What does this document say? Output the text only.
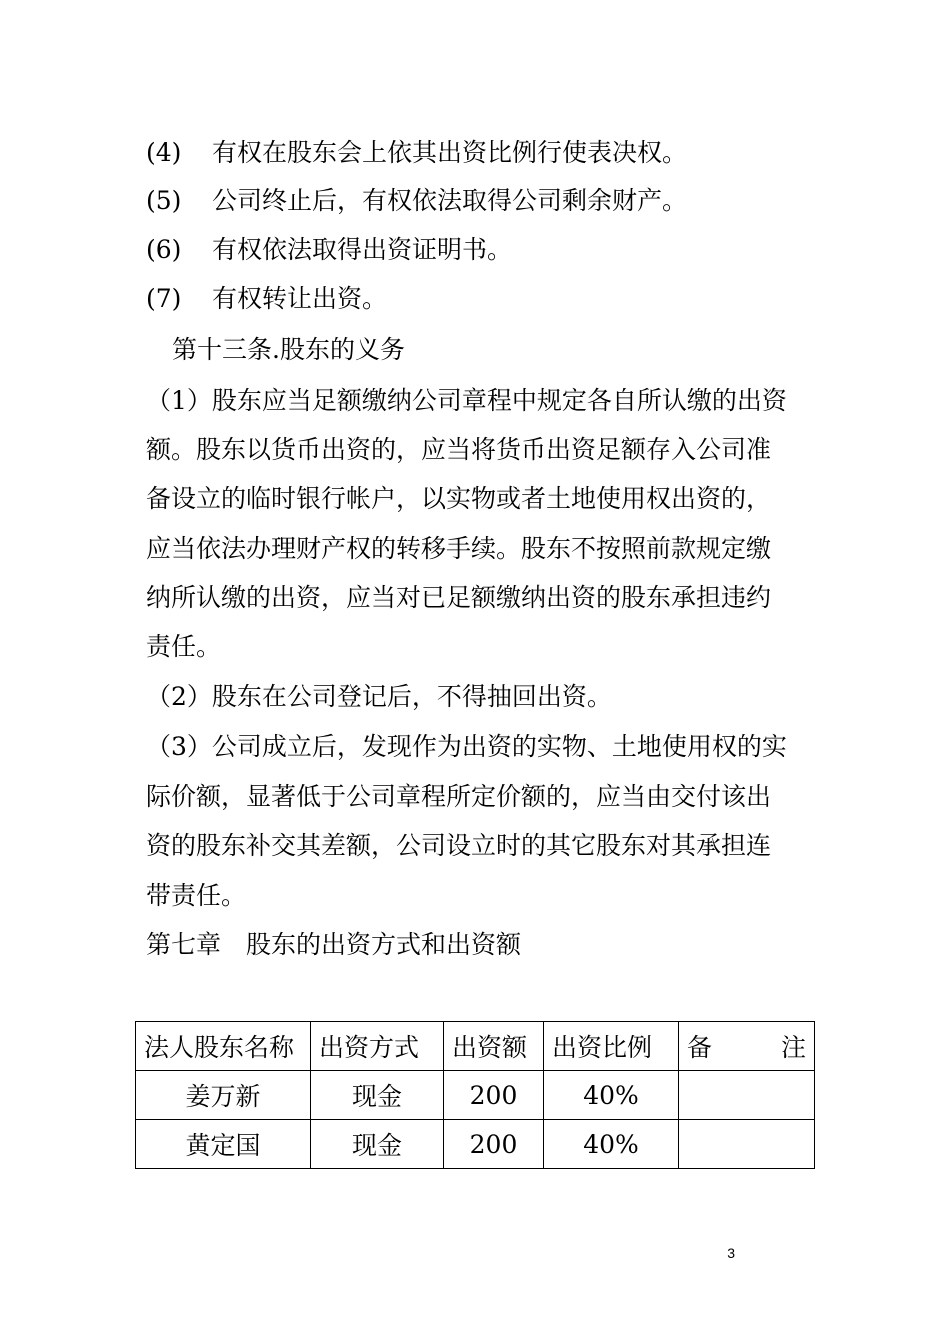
(4) 有权在股东会上依其出资比例行使表决权。
(5) 公司终止后，有权依法取得公司剩余财产。
(6) 有权依法取得出资证明书。
(7) 有权转让出资。
第十三条.股东的义务
（1）股东应当足额缴纳公司章程中规定各自所认缴的出资
额。股东以货币出资的，应当将货币出资足额存入公司准
备设立的临时银行帐户，以实物或者土地使用权出资的，
应当依法办理财产权的转移手续。股东不按照前款规定缴
纳所认缴的出资，应当对已足额缴纳出资的股东承担违约
责任。
（2）股东在公司登记后，不得抽回出资。
（3）公司成立后，发现作为出资的实物、土地使用权的实
际价额，显著低于公司章程所定价额的，应当由交付该出
资的股东补交其差额，公司设立时的其它股东对其承担连
带责任。
第七章　股东的出资方式和出资额
法人股东名称	出资方式	出资额	出资比例	备 注

姜万新	现金	200	40%	
黄定国	现金	200	40%	
3
